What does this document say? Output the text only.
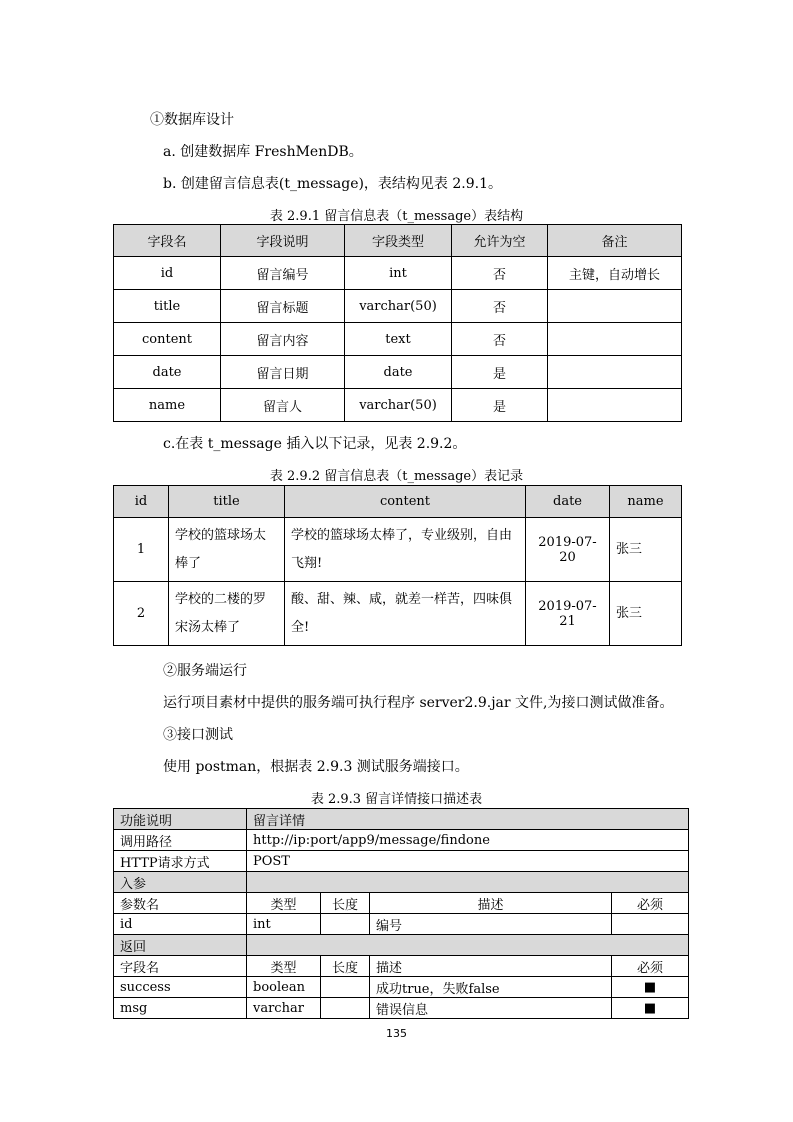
①数据库设计
a. 创建数据库 FreshMenDB。
b. 创建留言信息表(t_message)，表结构见表 2.9.1。
表 2.9.1 留言信息表（t_message）表结构
字段名	字段说明	字段类型	允许为空	备注
id	留言编号	int	否	主键，自动增长
title	留言标题	varchar(50)	否	
content	留言内容	text	否	
date	留言日期	date	是	
name	留言人	varchar(50)	是	
c.在表 t_message 插入以下记录，见表 2.9.2。
表 2.9.2 留言信息表（t_message）表记录
id	title	content	date	name
1	学校的篮球场太棒了	学校的篮球场太棒了，专业级别，自由飞翔!	2019-07-20	张三
2	学校的二楼的罗宋汤太棒了	酸、甜、辣、咸，就差一样苦，四味俱全!	2019-07-21	张三
②服务端运行
运行项目素材中提供的服务端可执行程序 server2.9.jar 文件,为接口测试做准备。
③接口测试
使用 postman，根据表 2.9.3 测试服务端接口。
表 2.9.3 留言详情接口描述表
功能说明	留言详情			
调用路径	http://ip:port/app9/message/findone			
HTTP请求方式	POST			
入参				
参数名	类型	长度	描述	必须
id	int		编号	
返回				
字段名	类型	长度	描述	必须
success	boolean		成功true，失败false	■
msg	varchar		错误信息	■
135
